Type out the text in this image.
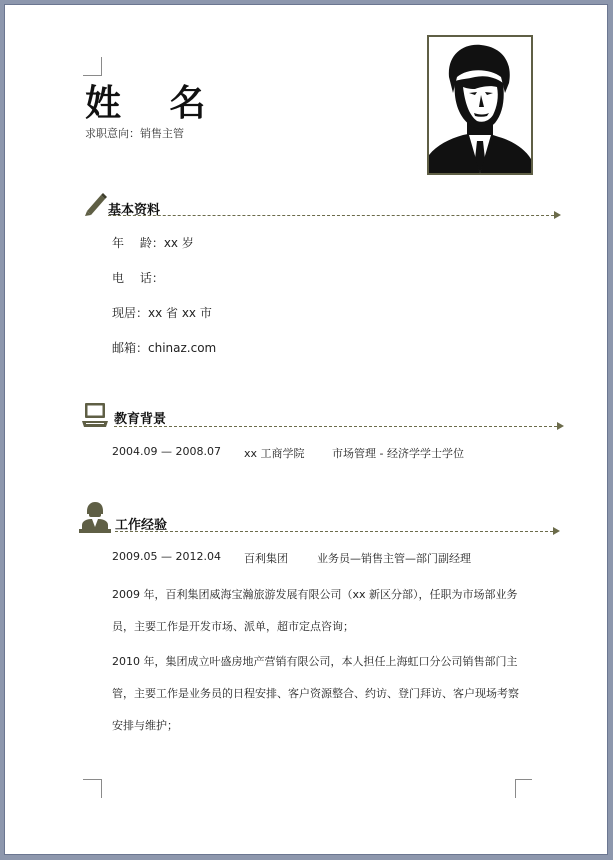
姓 名
求职意向：销售主管
基本资料
年　 龄：xx 岁
电　 话：
现居：xx 省 xx 市
邮箱：chinaz.com
教育背景
2004.09 — 2008.07 xx 工商学院 市场管理 - 经济学学士学位
工作经验
2009.05 — 2012.04 百利集团	业务员—销售主管—部门副经理
2009 年，百利集团威海宝瀚旅游发展有限公司（xx 新区分部），任职为市场部业务
员，主要工作是开发市场、派单，超市定点咨询；
2010 年，集团成立叶盛房地产营销有限公司，本人担任上海虹口分公司销售部门主
管，主要工作是业务员的日程安排、客户资源整合、约访、登门拜访、客户现场考察
安排与维护；
